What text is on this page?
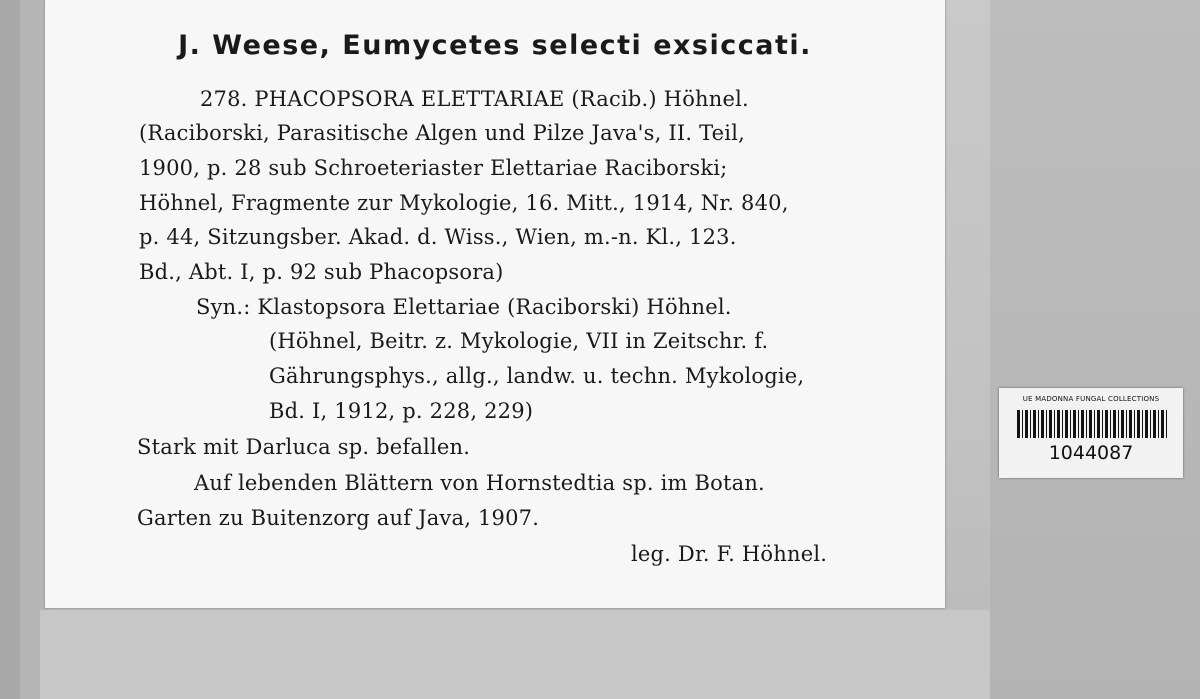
J. Weese, Eumycetes selecti exsiccati.
278. PHACOPSORA ELETTARIAE (Racib.) Höhnel.
(Raciborski, Parasitische Algen und Pilze Java's, II. Teil,
1900, p. 28 sub Schroeteriaster Elettariae Raciborski;
Höhnel, Fragmente zur Mykologie, 16. Mitt., 1914, Nr. 840,
p. 44, Sitzungsber. Akad. d. Wiss., Wien, m.-n. Kl., 123.
Bd., Abt. I, p. 92 sub Phacopsora)
Syn.: Klastopsora Elettariae (Raciborski) Höhnel.
(Höhnel, Beitr. z. Mykologie, VII in Zeitschr. f.
Gährungsphys., allg., landw. u. techn. Mykologie,
Bd. I, 1912, p. 228, 229)
Stark mit Darluca sp. befallen.
Auf lebenden Blättern von Hornstedtia sp. im Botan.
Garten zu Buitenzorg auf Java, 1907.
leg. Dr. F. Höhnel.
UE MADONNA FUNGAL COLLECTIONS
1044087
